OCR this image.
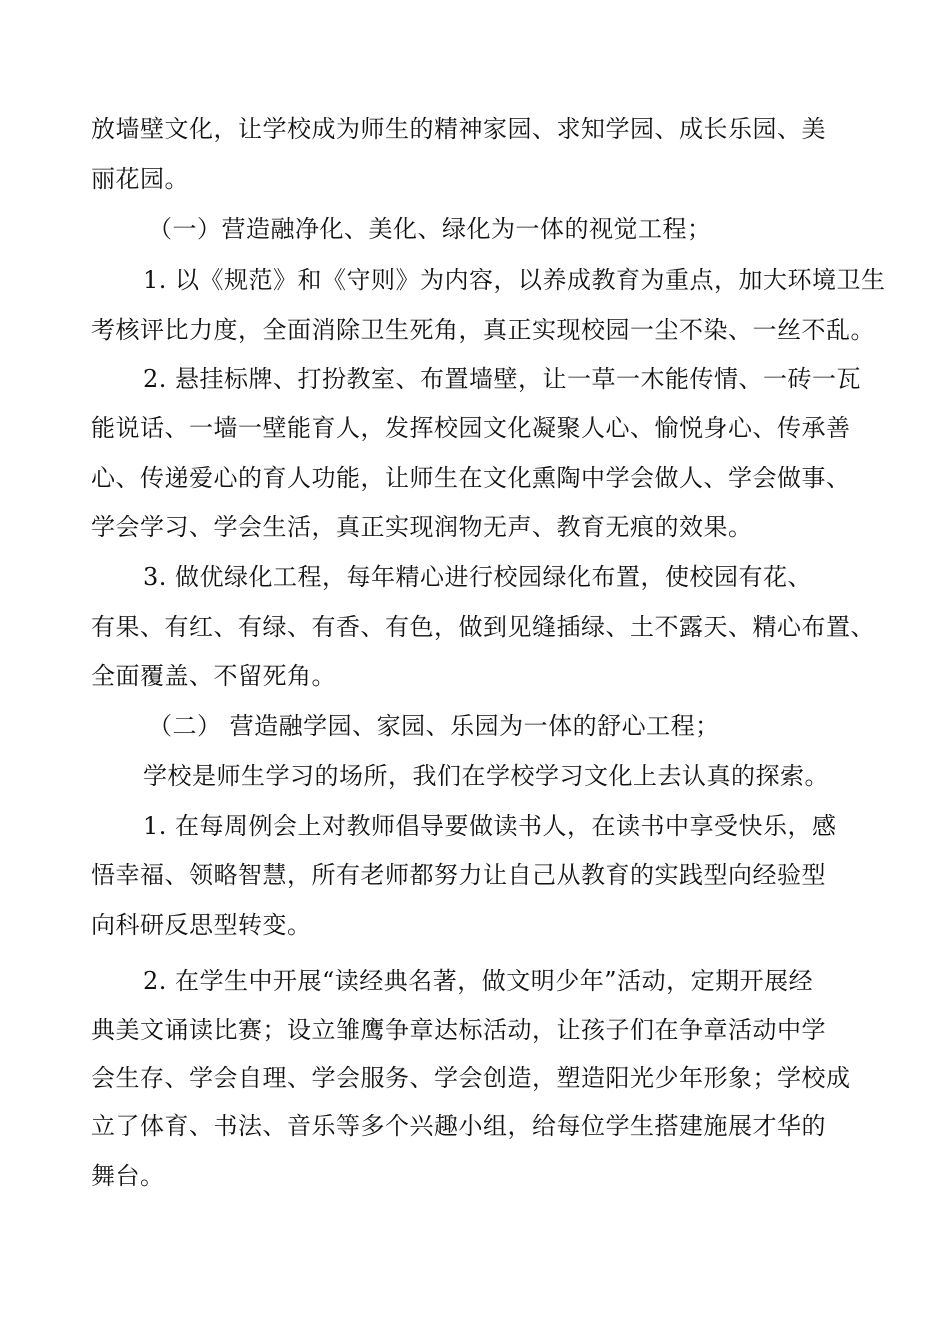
放墙壁文化，让学校成为师生的精神家园、求知学园、成长乐园、美
丽花园。
（一）营造融净化、美化、绿化为一体的视觉工程；
1. 以《规范》和《守则》为内容，以养成教育为重点，加大环境卫生
考核评比力度，全面消除卫生死角，真正实现校园一尘不染、一丝不乱。
2. 悬挂标牌、打扮教室、布置墙壁，让一草一木能传情、一砖一瓦
能说话、一墙一壁能育人，发挥校园文化凝聚人心、愉悦身心、传承善
心、传递爱心的育人功能，让师生在文化熏陶中学会做人、学会做事、
学会学习、学会生活，真正实现润物无声、教育无痕的效果。
3. 做优绿化工程，每年精心进行校园绿化布置，使校园有花、
有果、有红、有绿、有香、有色，做到见缝插绿、土不露天、精心布置、
全面覆盖、不留死角。
（二） 营造融学园、家园、乐园为一体的舒心工程；
学校是师生学习的场所，我们在学校学习文化上去认真的探索。
1. 在每周例会上对教师倡导要做读书人，在读书中享受快乐，感
悟幸福、领略智慧，所有老师都努力让自己从教育的实践型向经验型
向科研反思型转变。
2. 在学生中开展“读经典名著，做文明少年”活动，定期开展经
典美文诵读比赛；设立雏鹰争章达标活动，让孩子们在争章活动中学
会生存、学会自理、学会服务、学会创造，塑造阳光少年形象；学校成
立了体育、书法、音乐等多个兴趣小组，给每位学生搭建施展才华的
舞台。
